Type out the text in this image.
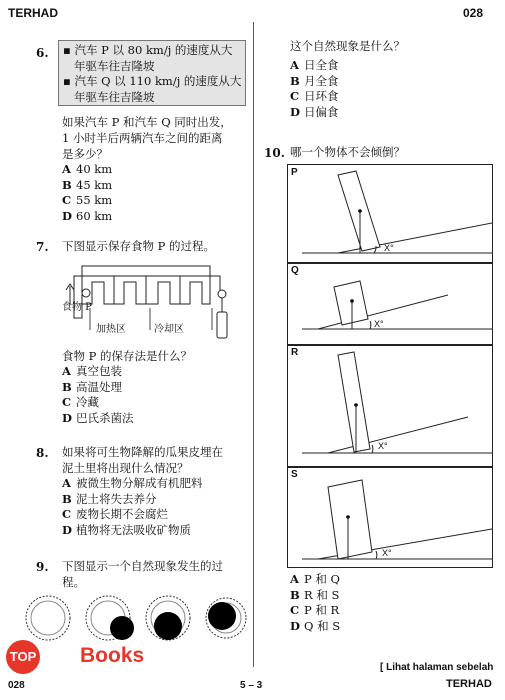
TERHAD	028
6. ▪ 汽车 P 以 80 km/j 的速度从大
年驱车往吉隆坡
▪ 汽车 Q 以 110 km/j 的速度从大
年驱车往吉隆坡
如果汽车 P 和汽车 Q 同时出发，
1 小时半后两辆汽车之间的距离
是多少？
A 40 km
B 45 km
C 55 km
D 60 km
7. 下图显示保存食物 P 的过程。
食物 P
加热区	冷却区
食物 P 的保存法是什么？
A 真空包装
B 高温处理
C 冷藏
D 巴氏杀菌法
8. 如果将可生物降解的瓜果皮埋在
泥土里将出现什么情况？
A 被微生物分解成有机肥料
B 泥土将失去养分
C 废物长期不会腐烂
D 植物将无法吸收矿物质
9. 下图显示一个自然现象发生的过
程。
这个自然现象是什么？
A 日全食
B 月全食
C 日环食
D 日偏食
10. 哪一个物体不会倾倒？
P
X°
Q
X°
R
X°
S
X°
A P 和 Q
B R 和 S
C P 和 R
D Q 和 S
TOP Books
028	5 – 3
[ Lihat halaman sebelah
TERHAD
